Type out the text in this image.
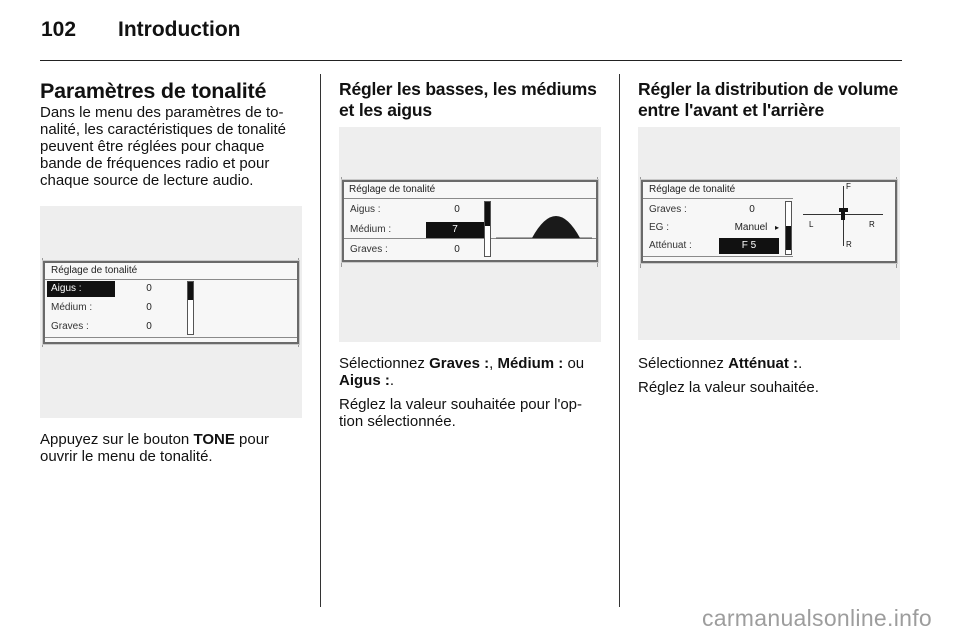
102 Introduction
Paramètres de tonalité

Dans le menu des paramètres de to-

nalité, les caractéristiques de tonalité

peuvent être réglées pour chaque

bande de fréquences radio et pour

chaque source de lecture audio.

Réglage de tonalité
Aigus :	0
Médium :	0
Graves :	0

Appuyez sur le bouton TONE pour

ouvrir le menu de tonalité.

Régler les basses, les médiums
et les aigus
Réglage de tonalité
Aigus :	0
Médium :	7
Graves :	0

Sélectionnez Graves :, Médium : ou

Aigus :.

Réglez la valeur souhaitée pour l'op-

tion sélectionnée.

Régler la distribution de volume
entre l'avant et l'arrière
Réglage de tonalité
Graves :	0
EG :	Manuel ▸
Atténuat :	F 5
F
R
L	R

Sélectionnez Atténuat :.

Réglez la valeur souhaitée.

carmanualsonline.info
